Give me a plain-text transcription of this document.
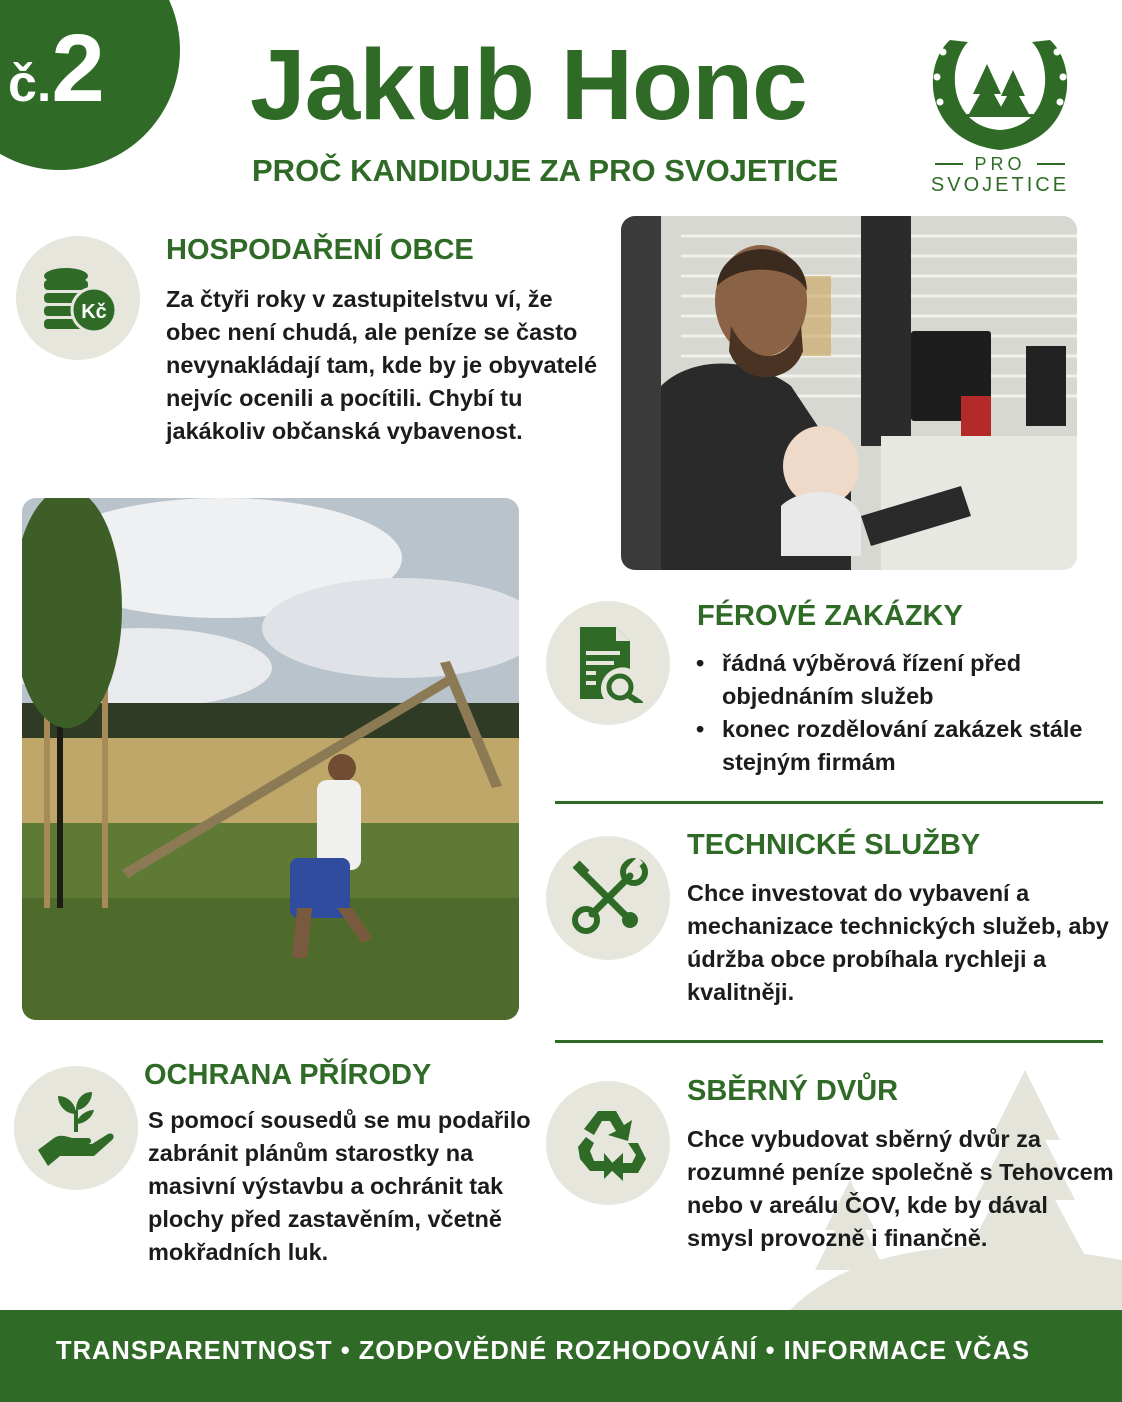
č.2 Jakub Honc
PROČ KANDIDUJE ZA PRO SVOJETICE	PRO
SVOJETICE
Kč
HOSPODAŘENÍ OBCE
Za čtyři roky v zastupitelstvu ví, že
obec není chudá, ale peníze se často
nevynakládají tam, kde by je obyvatelé
nejvíc ocenili a pocítili. Chybí tu
jakákoliv občanská vybavenost.
FÉROVÉ ZAKÁZKY
• řádná výběrová řízení před
objednáním služeb
• konec rozdělování zakázek stále
stejným firmám
TECHNICKÉ SLUŽBY
Chce investovat do vybavení a
mechanizace technických služeb, aby
údržba obce probíhala rychleji a
kvalitněji.
OCHRANA PŘÍRODY
S pomocí sousedů se mu podařilo
zabránit plánům starostky na
masivní výstavbu a ochránit tak
plochy před zastavěním, včetně
mokřadních luk.
SBĚRNÝ DVŮR
Chce vybudovat sběrný dvůr za
rozumné peníze společně s Tehovcem
nebo v areálu ČOV, kde by dával
smysl provozně i finančně.
TRANSPARENTNOST • ZODPOVĚDNÉ ROZHODOVÁNÍ • INFORMACE VČAS
